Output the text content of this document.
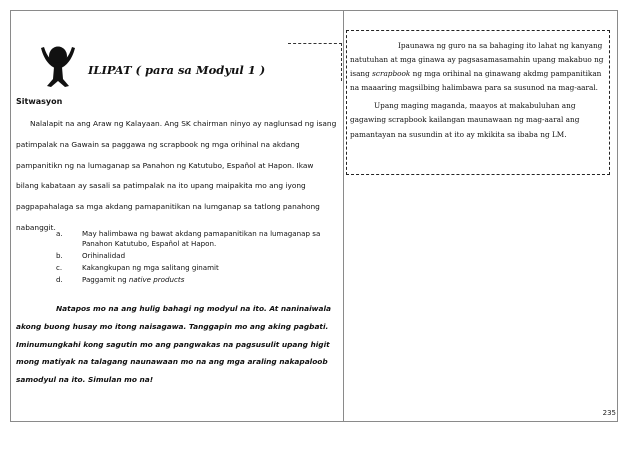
ILIPAT ( para sa Modyul 1 )
Sitwasyon
Nalalapit na ang Araw ng Kalayaan. Ang SK chairman ninyo ay naglunsad ng isang patimpalak na Gawain sa paggawa ng scrapbook ng mga orihinal na akdang pampanitikn ng na lumaganap sa Panahon ng Katutubo, Español at Hapon. Ikaw bilang kabataan ay sasali sa patimpalak na ito upang maipakita mo ang iyong pagpapahalaga sa mga akdang pamapanitikan na lumganap sa tatlong panahong nabanggit.
a.	May halimbawa ng bawat akdang pamapanitikan na lumaganap sa Panahon Katutubo, Español at Hapon.
b.	Orihinalidad
c.	Kakangkupan ng mga salitang ginamit
d.	Paggamit ng native products
Natapos mo na ang hulig bahagi ng modyul na ito. At naninaiwala akong buong husay mo itong naisagawa. Tanggapin mo ang aking pagbati. Iminumungkahi kong sagutin mo ang pangwakas na pagsusulit upang higit mong matiyak na talagang naunawaan mo na ang mga araling nakapaloob samodyul na ito. Simulan mo na!

Ipaunawa ng guro na sa bahaging ito lahat ng kanyang natutuhan at mga ginawa ay pagsasamasamahin upang makabuo ng isang scrapbook ng mga orihinal na ginawang akdmg pampanitikan na maaaring magsilbing halimbawa para sa susunod na mag-aaral.

Upang maging maganda, maayos at makabuluhan ang gagawing scrapbook kailangan maunawaan ng mag-aaral ang pamantayan na susundin at ito ay mkikita sa ibaba ng LM.

235
